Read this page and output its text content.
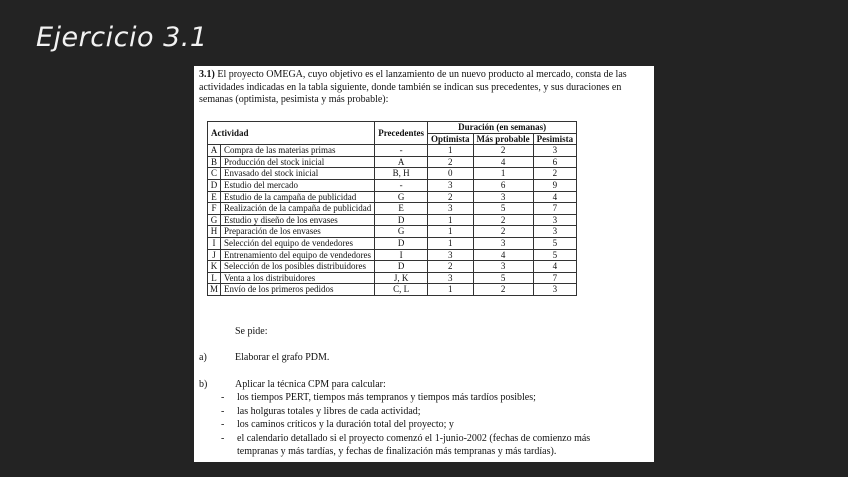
Ejercicio 3.1
3.1) El proyecto OMEGA, cuyo objetivo es el lanzamiento de un nuevo producto al mercado, consta de las actividades indicadas en la tabla siguiente, donde también se indican sus precedentes, y sus duraciones en semanas (optimista, pesimista y más probable):
Actividad		Precedentes	Duración (en semanas)		
			Optimista	Más probable	Pesimista
A	Compra de las materias primas	-	1	2	3
B	Producción del stock inicial	A	2	4	6
C	Envasado del stock inicial	B, H	0	1	2
D	Estudio del mercado	-	3	6	9
E	Estudio de la campaña de publicidad	G	2	3	4
F	Realización de la campaña de publicidad	E	3	5	7
G	Estudio y diseño de los envases	D	1	2	3
H	Preparación de los envases	G	1	2	3
I	Selección del equipo de vendedores	D	1	3	5
J	Entrenamiento del equipo de vendedores	I	3	4	5
K	Selección de los posibles distribuidores	D	2	3	4
L	Venta a los distribuidores	J, K	3	5	7
M	Envío de los primeros pedidos	C, L	1	2	3
Se pide:
a)	Elaborar el grafo PDM.
b)	Aplicar la técnica CPM para calcular:
- los tiempos PERT, tiempos más tempranos y tiempos más tardíos posibles;
- las holguras totales y libres de cada actividad;
- los caminos críticos y la duración total del proyecto; y
- el calendario detallado si el proyecto comenzó el 1-junio-2002 (fechas de comienzo más
tempranas y más tardías, y fechas de finalización más tempranas y más tardías).
